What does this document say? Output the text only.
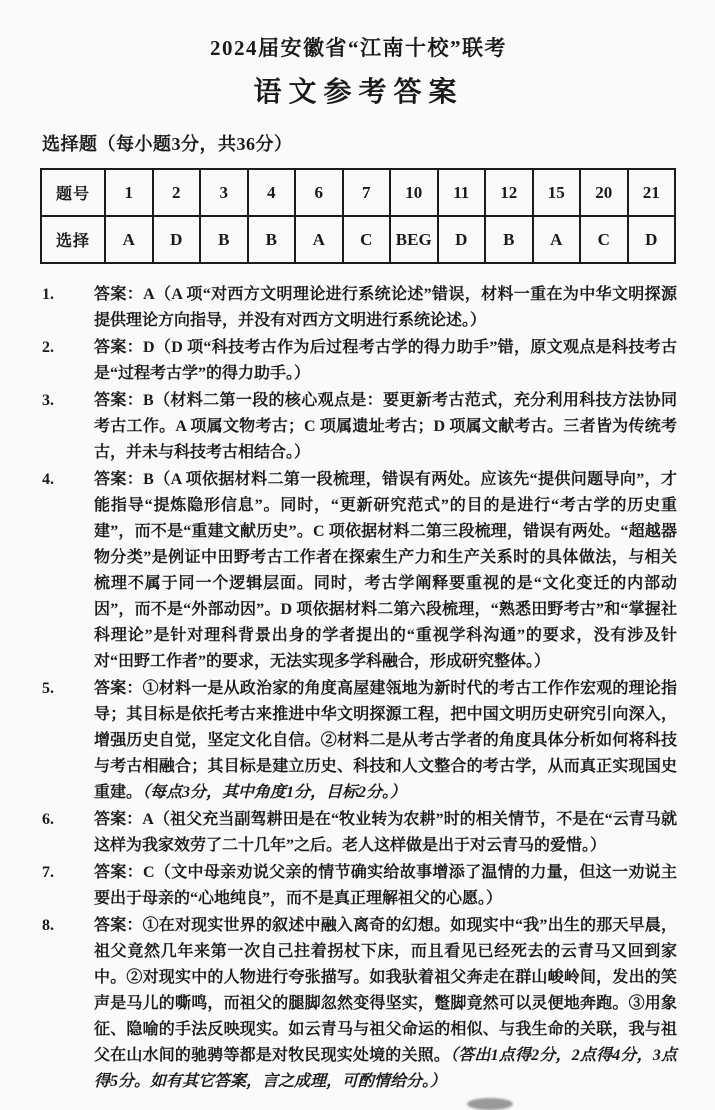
2024届安徽省“江南十校”联考
语文参考答案
选择题（每小题3分，共36分）
题号	1	2	3	4	6	7	10	11	12	15	20	21
选择	A	D	B	B	A	C	BEG	D	B	A	C	D
1.	答案：A（A 项“对西方文明理论进行系统论述”错误，材料一重在为中华文明探源提供理论方向指导，并没有对西方文明进行系统论述。）
2.	答案：D（D 项“科技考古作为后过程考古学的得力助手”错，原文观点是科技考古是“过程考古学”的得力助手。）
3.	答案：B（材料二第一段的核心观点是：要更新考古范式，充分利用科技方法协同考古工作。A 项属文物考古；C 项属遗址考古；D 项属文献考古。三者皆为传统考古，并未与科技考古相结合。）
4.	答案：B（A 项依据材料二第一段梳理，错误有两处。应该先“提供问题导向”，才能指导“提炼隐形信息”。同时，“更新研究范式”的目的是进行“考古学的历史重建”，而不是“重建文献历史”。C 项依据材料二第三段梳理，错误有两处。“超越器物分类”是例证中田野考古工作者在探索生产力和生产关系时的具体做法，与相关梳理不属于同一个逻辑层面。同时，考古学阐释要重视的是“文化变迁的内部动因”，而不是“外部动因”。D 项依据材料二第六段梳理，“熟悉田野考古”和“掌握社科理论”是针对理科背景出身的学者提出的“重视学科沟通”的要求，没有涉及针对“田野工作者”的要求，无法实现多学科融合，形成研究整体。）
5.	答案：①材料一是从政治家的角度高屋建瓴地为新时代的考古工作作宏观的理论指导；其目标是依托考古来推进中华文明探源工程，把中国文明历史研究引向深入，增强历史自觉，坚定文化自信。②材料二是从考古学者的角度具体分析如何将科技与考古相融合；其目标是建立历史、科技和人文整合的考古学，从而真正实现国史重建。（每点3分，其中角度1分，目标2分。）
6.	答案：A（祖父充当副驾耕田是在“牧业转为农耕”时的相关情节，不是在“云青马就这样为我家效劳了二十几年”之后。老人这样做是出于对云青马的爱惜。）
7.	答案：C（文中母亲劝说父亲的情节确实给故事增添了温情的力量，但这一劝说主要出于母亲的“心地纯良”，而不是真正理解祖父的心愿。）
8.	答案：①在对现实世界的叙述中融入离奇的幻想。如现实中“我”出生的那天早晨，祖父竟然几年来第一次自己拄着拐杖下床，而且看见已经死去的云青马又回到家中。②对现实中的人物进行夸张描写。如我驮着祖父奔走在群山峻岭间，发出的笑声是马儿的嘶鸣，而祖父的腿脚忽然变得坚实，蹩脚竟然可以灵便地奔跑。③用象征、隐喻的手法反映现实。如云青马与祖父命运的相似、与我生命的关联，我与祖父在山水间的驰骋等都是对牧民现实处境的关照。（答出1点得2分，2点得4分，3点得5分。如有其它答案，言之成理，可酌情给分。）
